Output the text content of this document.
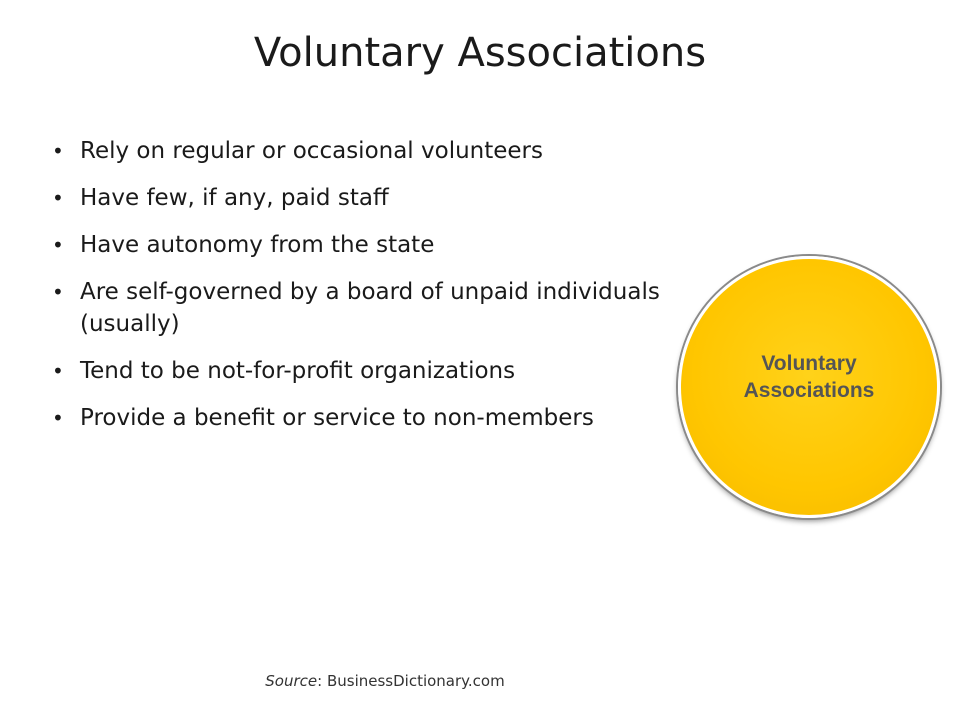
Voluntary Associations
• Rely on regular or occasional volunteers
• Have few, if any, paid staff
• Have autonomy from the state
• Are self-governed by a board of unpaid individuals (usually)
• Tend to be not-for-profit organizations
• Provide a benefit or service to non-members
Voluntary Associations
Source: BusinessDictionary.com
